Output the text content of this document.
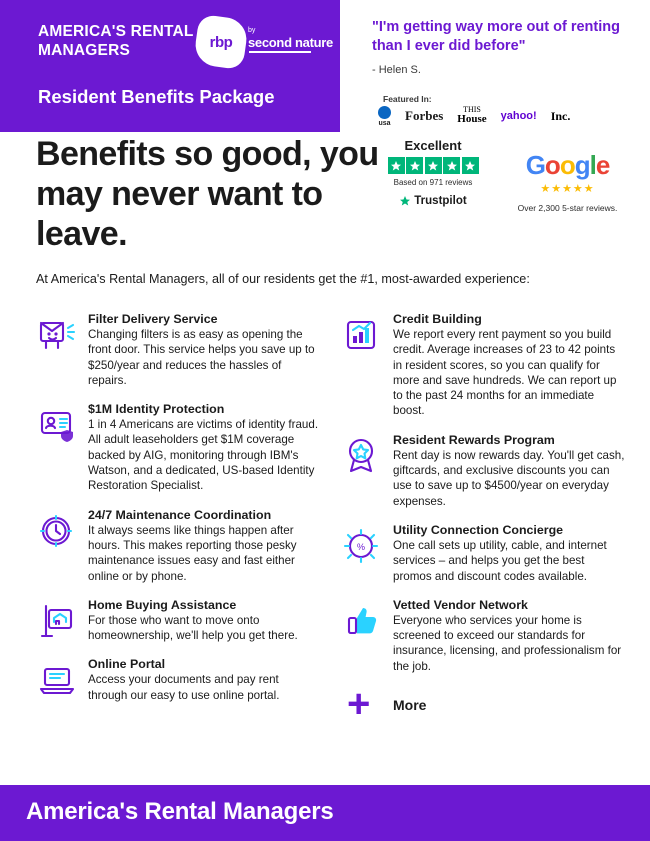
AMERICA'S RENTAL MANAGERS
rbp
by
second nature
Resident Benefits Package
"I'm getting way more out of renting than I ever did before"
- Helen S.
Featured In:
usa Forbes	THIS
House yahoo! Inc.
Excellent
Based on 971 reviews
Trustpilot
Google
★★★★★
Over 2,300 5-star reviews.
Benefits so good, you may never want to leave.
At America's Rental Managers, all of our residents get the #1, most-awarded experience:
Filter Delivery Service
Changing filters is as easy as opening the front door. This service helps you save up to $250/year and reduces the hassles of repairs.
$1M Identity Protection
1 in 4 Americans are victims of identity fraud. All adult leaseholders get $1M coverage backed by AIG, monitoring through IBM's Watson, and a dedicated, US-based Identity Restoration Specialist.
24/7 Maintenance Coordination
It always seems like things happen after hours. This makes reporting those pesky maintenance issues easy and fast either online or by phone.
Home Buying Assistance
For those who want to move onto homeownership, we'll help you get there.
Online Portal
Access your documents and pay rent through our easy to use online portal.
Credit Building
We report every rent payment so you build credit. Average increases of 23 to 42 points in resident scores, so you can qualify for more and save hundreds. We can report up to the past 24 months for an immediate boost.
Resident Rewards Program
Rent day is now rewards day. You'll get cash, giftcards, and exclusive discounts you can use to save up to $4500/year on everyday expenses.
%
Utility Connection Concierge
One call sets up utility, cable, and internet services – and helps you get the best promos and discount codes available.
Vetted Vendor Network
Everyone who services your home is screened to exceed our standards for insurance, licensing, and professionalism for the job.
+ More
America's Rental Managers
